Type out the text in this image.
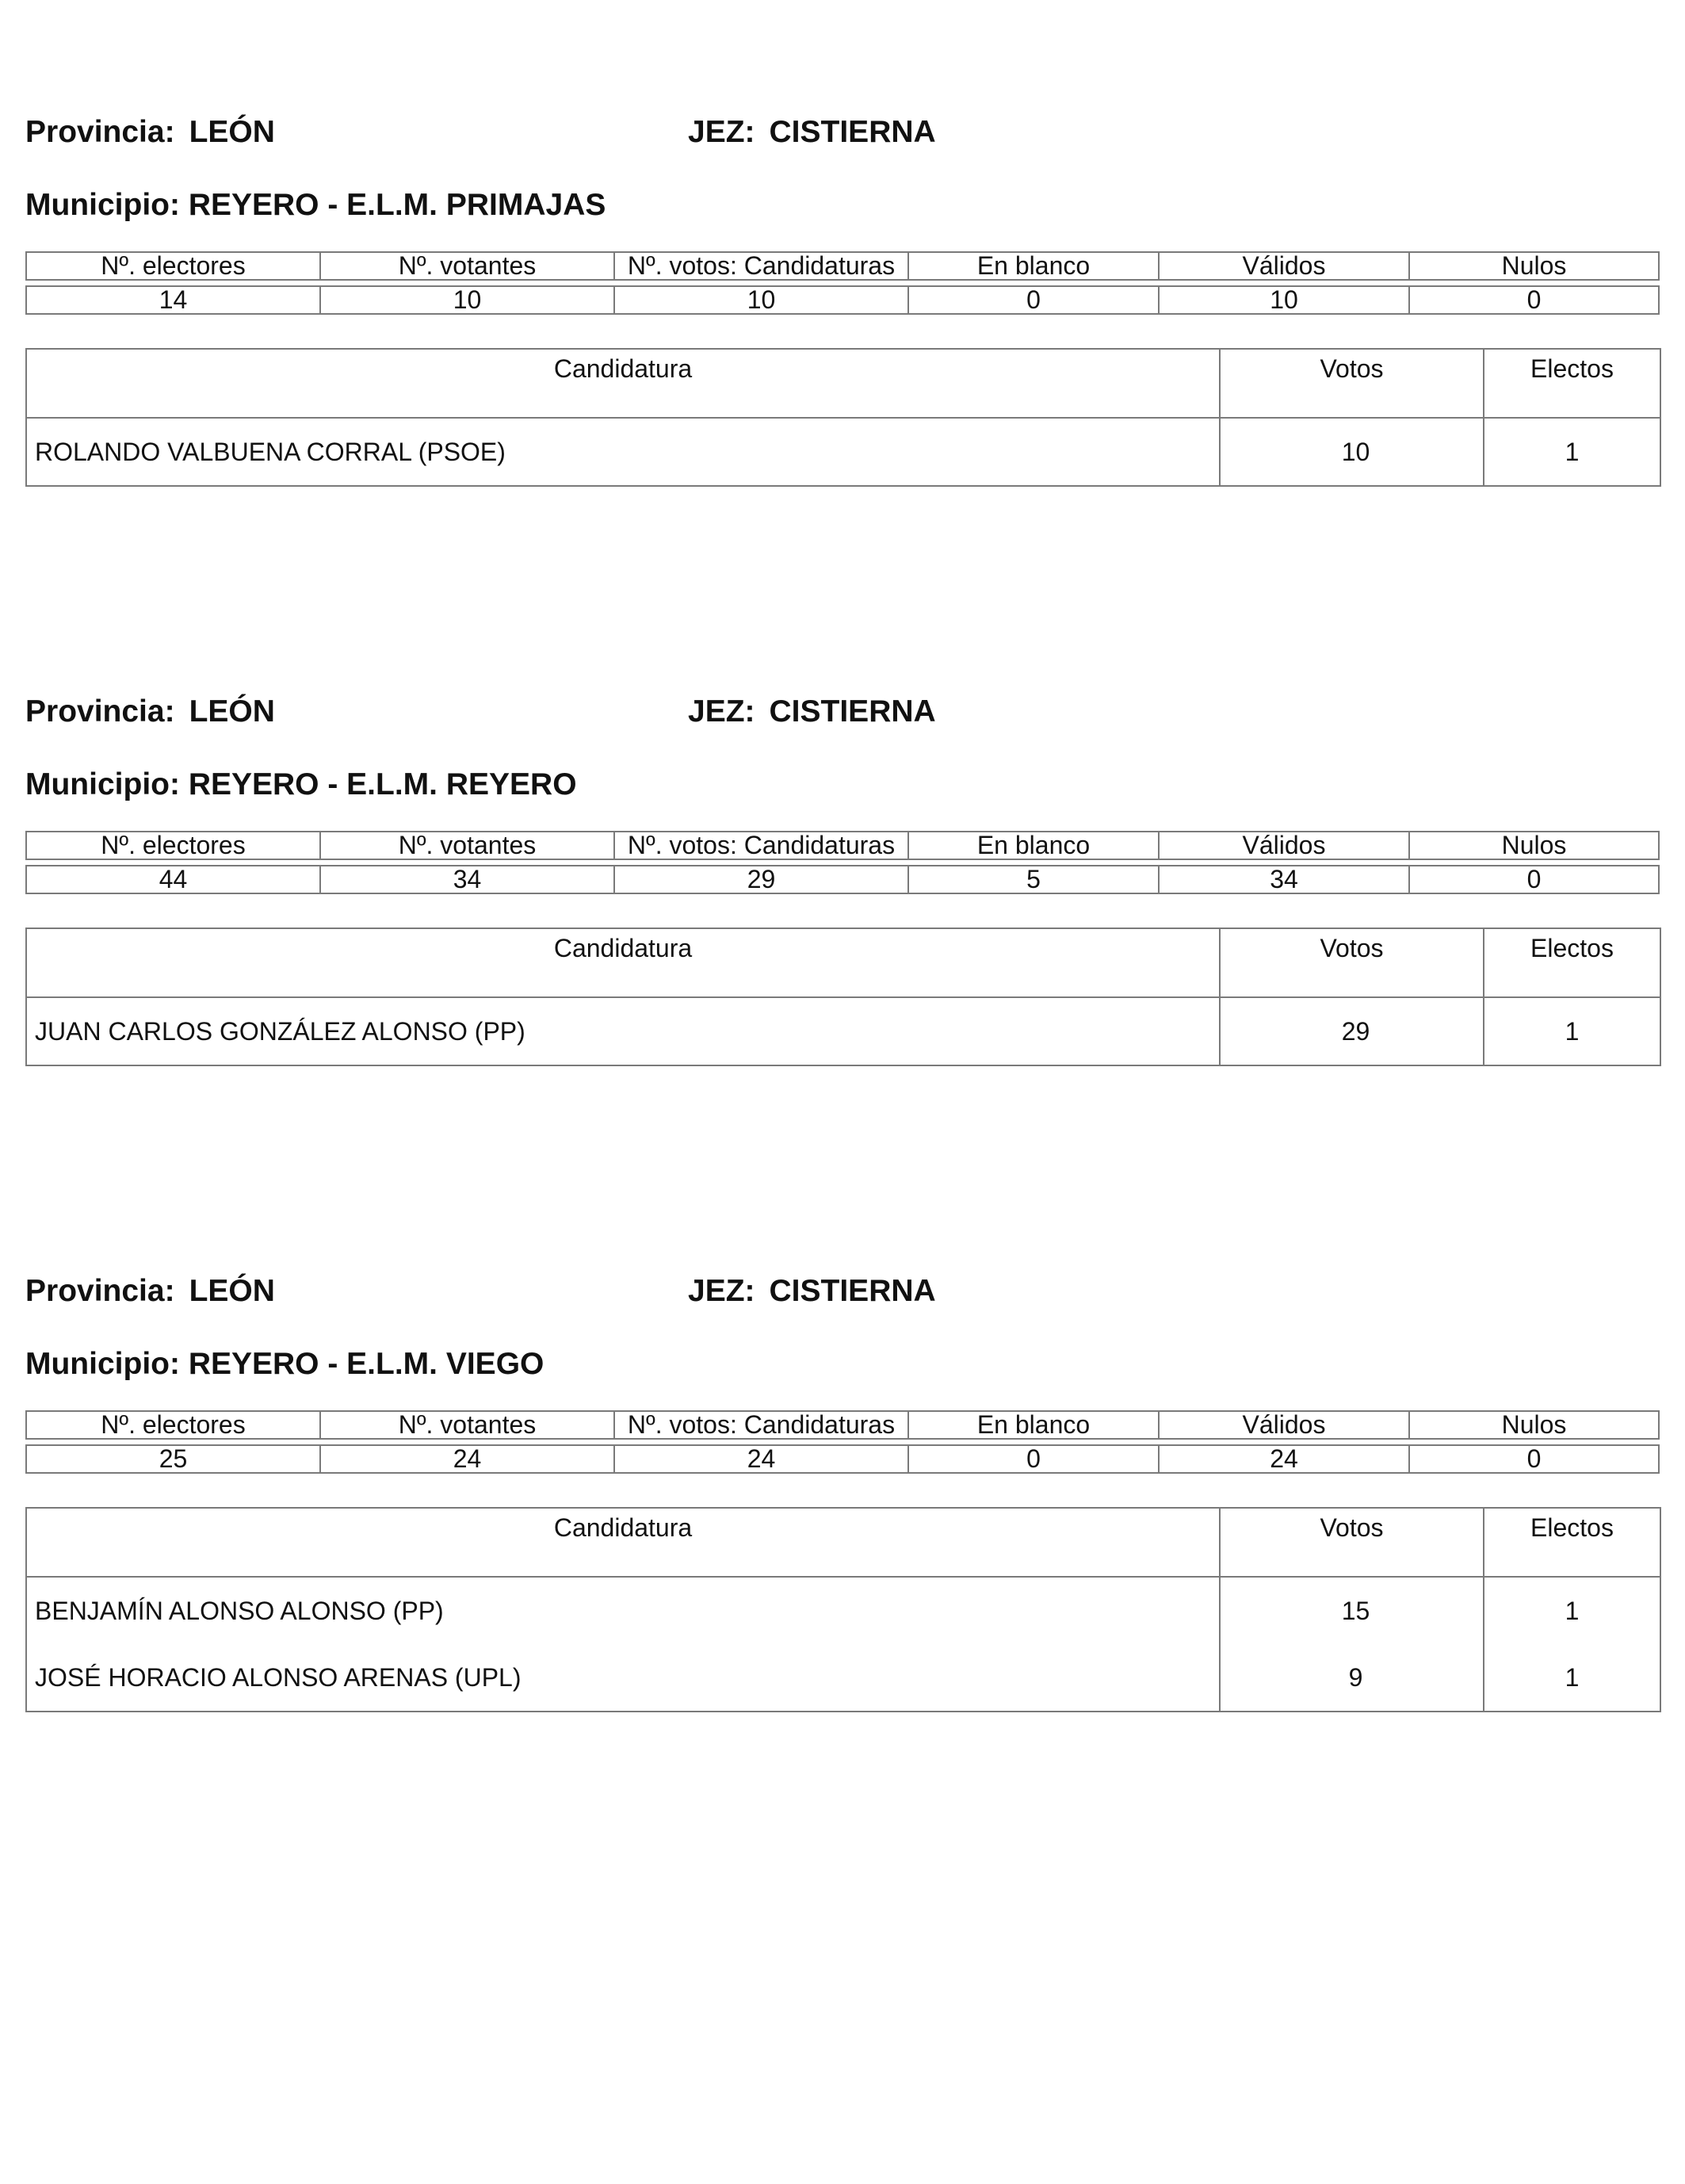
Provincia: LEÓN	JEZ: CISTIERNA
Municipio: REYERO - E.L.M. PRIMAJAS
Nº. electores	Nº. votantes	Nº. votos: Candidaturas	En blanco	Válidos	Nulos
14	10	10	0	10	0
Candidatura	Votos	Electos
ROLANDO VALBUENA CORRAL (PSOE)	10	1
Provincia: LEÓN	JEZ: CISTIERNA
Municipio: REYERO - E.L.M. REYERO
Nº. electores	Nº. votantes	Nº. votos: Candidaturas	En blanco	Válidos	Nulos
44	34	29	5	34	0
Candidatura	Votos	Electos
JUAN CARLOS GONZÁLEZ ALONSO (PP)	29	1
Provincia: LEÓN	JEZ: CISTIERNA
Municipio: REYERO - E.L.M. VIEGO
Nº. electores	Nº. votantes	Nº. votos: Candidaturas	En blanco	Válidos	Nulos
25	24	24	0	24	0
Candidatura	Votos	Electos
BENJAMÍN ALONSO ALONSO (PP)	15	1
JOSÉ HORACIO ALONSO ARENAS (UPL)	9	1
